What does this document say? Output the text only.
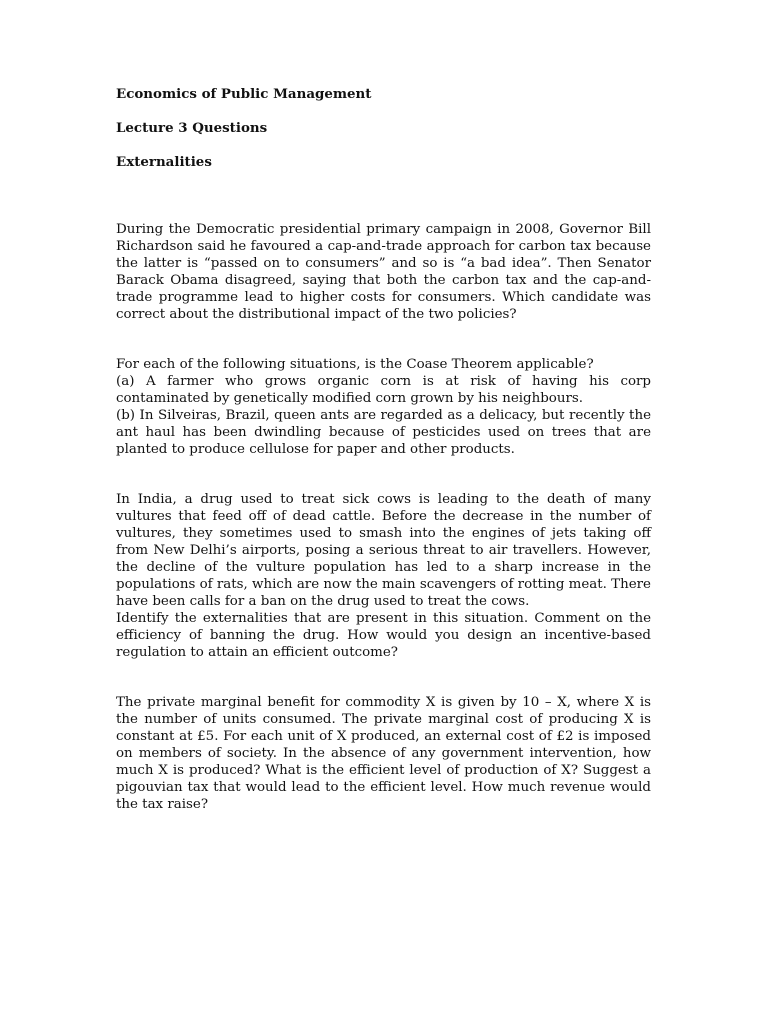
Economics of Public Management
Lecture 3 Questions
Externalities

During the Democratic presidential primary campaign in 2008, Governor Bill Richardson said he favoured a cap-and-trade approach for carbon tax because the latter is “passed on to consumers” and so is “a bad idea”. Then Senator Barack Obama disagreed, saying that both the carbon tax and the cap-and-trade programme lead to higher costs for consumers. Which candidate was correct about the distributional impact of the two policies?

For each of the following situations, is the Coase Theorem applicable?

(a) A farmer who grows organic corn is at risk of having his corp contaminated by genetically modified corn grown by his neighbours.

(b) In Silveiras, Brazil, queen ants are regarded as a delicacy, but recently the ant haul has been dwindling because of pesticides used on trees that are planted to produce cellulose for paper and other products.

In India, a drug used to treat sick cows is leading to the death of many vultures that feed off of dead cattle. Before the decrease in the number of vultures, they sometimes used to smash into the engines of jets taking off from New Delhi’s airports, posing a serious threat to air travellers. However, the decline of the vulture population has led to a sharp increase in the populations of rats, which are now the main scavengers of rotting meat. There have been calls for a ban on the drug used to treat the cows.

Identify the externalities that are present in this situation. Comment on the efficiency of banning the drug. How would you design an incentive-based regulation to attain an efficient outcome?

The private marginal benefit for commodity X is given by 10 – X, where X is the number of units consumed. The private marginal cost of producing X is constant at £5. For each unit of X produced, an external cost of £2 is imposed on members of society. In the absence of any government intervention, how much X is produced? What is the efficient level of production of X? Suggest a pigouvian tax that would lead to the efficient level. How much revenue would the tax raise?
